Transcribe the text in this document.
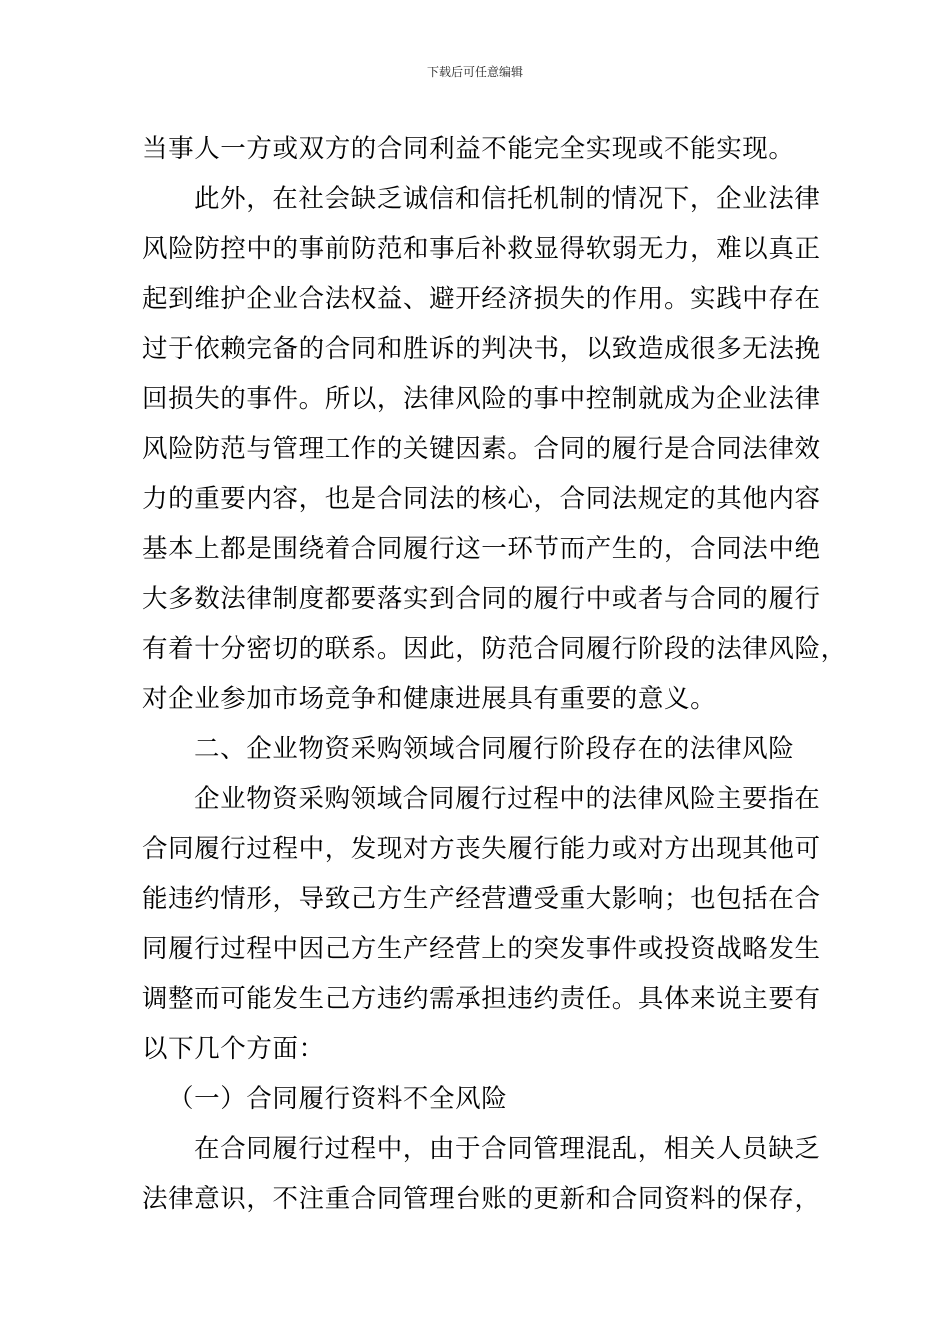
下载后可任意编辑

当事人一方或双方的合同利益不能完全实现或不能实现。

此外，在社会缺乏诚信和信托机制的情况下，企业法律

风险防控中的事前防范和事后补救显得软弱无力，难以真正

起到维护企业合法权益、避开经济损失的作用。实践中存在

过于依赖完备的合同和胜诉的判决书，以致造成很多无法挽

回损失的事件。所以，法律风险的事中控制就成为企业法律

风险防范与管理工作的关键因素。合同的履行是合同法律效

力的重要内容，也是合同法的核心，合同法规定的其他内容

基本上都是围绕着合同履行这一环节而产生的，合同法中绝

大多数法律制度都要落实到合同的履行中或者与合同的履行

有着十分密切的联系。因此，防范合同履行阶段的法律风险，

对企业参加市场竞争和健康进展具有重要的意义。

二、企业物资采购领域合同履行阶段存在的法律风险

企业物资采购领域合同履行过程中的法律风险主要指在

合同履行过程中，发现对方丧失履行能力或对方出现其他可

能违约情形，导致己方生产经营遭受重大影响；也包括在合

同履行过程中因己方生产经营上的突发事件或投资战略发生

调整而可能发生己方违约需承担违约责任。具体来说主要有

以下几个方面：

（一）合同履行资料不全风险

在合同履行过程中，由于合同管理混乱，相关人员缺乏

法律意识，不注重合同管理台账的更新和合同资料的保存，
